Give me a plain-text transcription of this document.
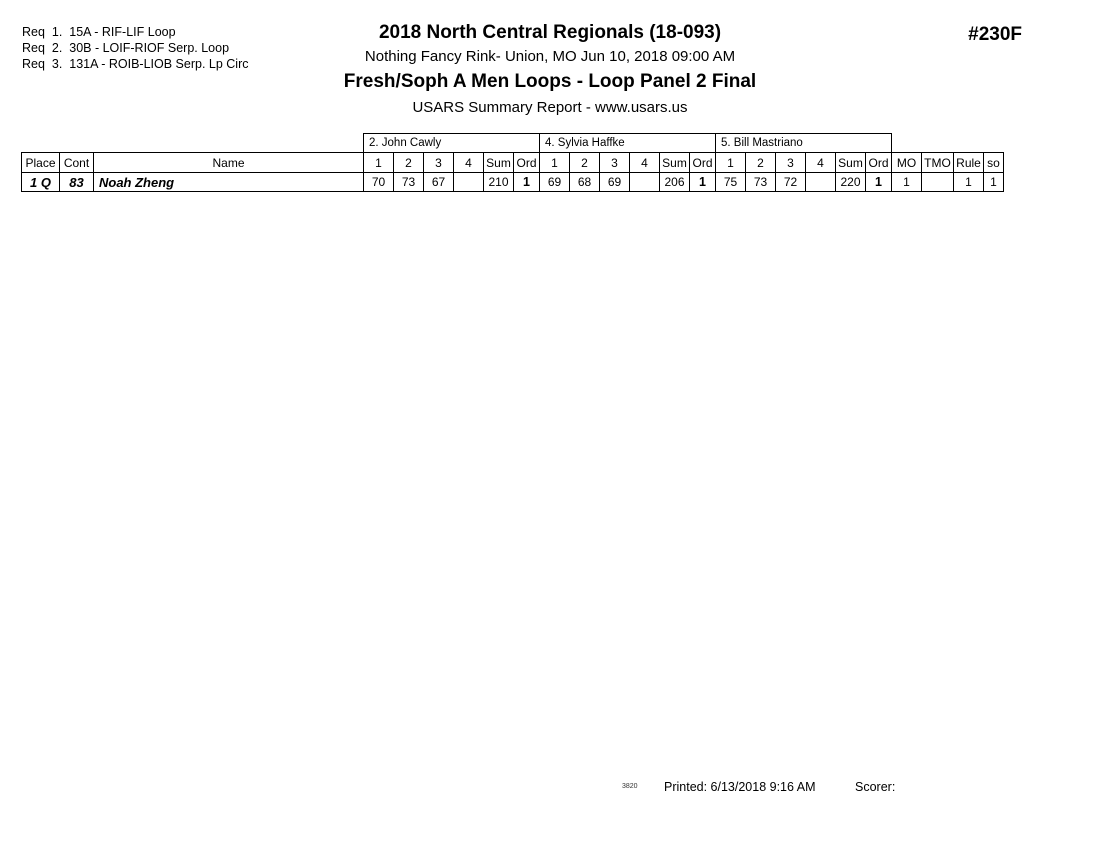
Req  1.  15A - RIF-LIF Loop
Req  2.  30B - LOIF-RIOF Serp. Loop
Req  3.  131A - ROIB-LIOB Serp. Lp Circ
2018 North Central Regionals (18-093)
Nothing Fancy Rink- Union, MO Jun 10, 2018 09:00 AM
Fresh/Soph A Men Loops - Loop Panel 2 Final
USARS Summary Report - www.usars.us
#230F
			2. John Cawly						4. Sylvia Haffke						5. Bill Mastriano									
Place	Cont	Name	1	2	3	4	Sum	Ord	1	2	3	4	Sum	Ord	1	2	3	4	Sum	Ord	MO	TMO	Rule	so
1 Q	83	Noah Zheng	70	73	67		210	1	69	68	69		206	1	75	73	72		220	1	1		1	1
3820 Printed: 6/13/2018 9:16 AM	Scorer:
